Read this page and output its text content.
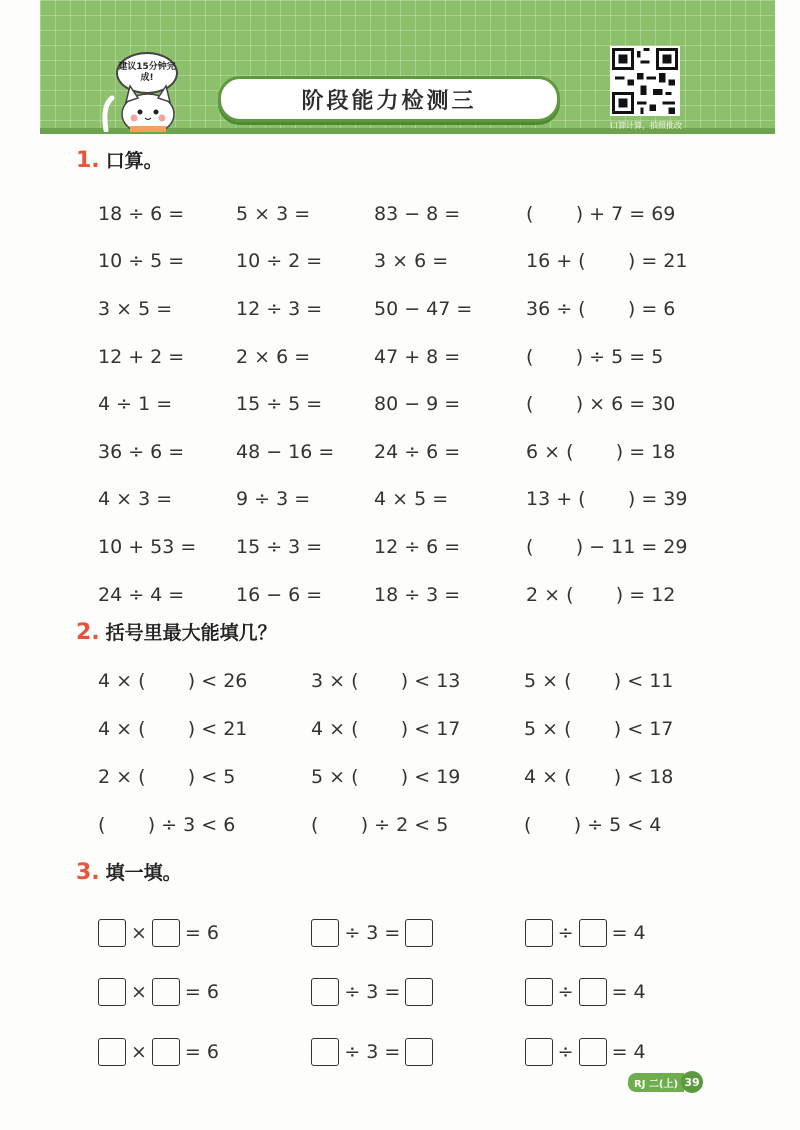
建议15分钟完成!
阶段能力检测三
口算计算，拍照批改
1. 口算。
18 ÷ 6 =	5 × 3 =	83 − 8 =	(       ) + 7 = 69
10 ÷ 5 =	10 ÷ 2 =	3 × 6 =	16 + (       ) = 21
3 × 5 =	12 ÷ 3 =	50 − 47 =	36 ÷ (       ) = 6
12 + 2 =	2 × 6 =	47 + 8 =	(       ) ÷ 5 = 5
4 ÷ 1 =	15 ÷ 5 =	80 − 9 =	(       ) × 6 = 30
36 ÷ 6 =	48 − 16 =	24 ÷ 6 =	6 × (       ) = 18
4 × 3 =	9 ÷ 3 =	4 × 5 =	13 + (       ) = 39
10 + 53 =	15 ÷ 3 =	12 ÷ 6 =	(       ) − 11 = 29
24 ÷ 4 =	16 − 6 =	18 ÷ 3 =	2 × (       ) = 12
2. 括号里最大能填几？
4 × (       ) < 26	3 × (       ) < 13	5 × (       ) < 11
4 × (       ) < 21	4 × (       ) < 17	5 × (       ) < 17
2 × (       ) < 5	5 × (       ) < 19	4 × (       ) < 18
(       ) ÷ 3 < 6	(       ) ÷ 2 < 5	(       ) ÷ 5 < 4
3. 填一填。
× = 6	÷ 3 =	÷ = 4
× = 6	÷ 3 =	÷ = 4
× = 6	÷ 3 =	÷ = 4
RJ 二(上) 39
